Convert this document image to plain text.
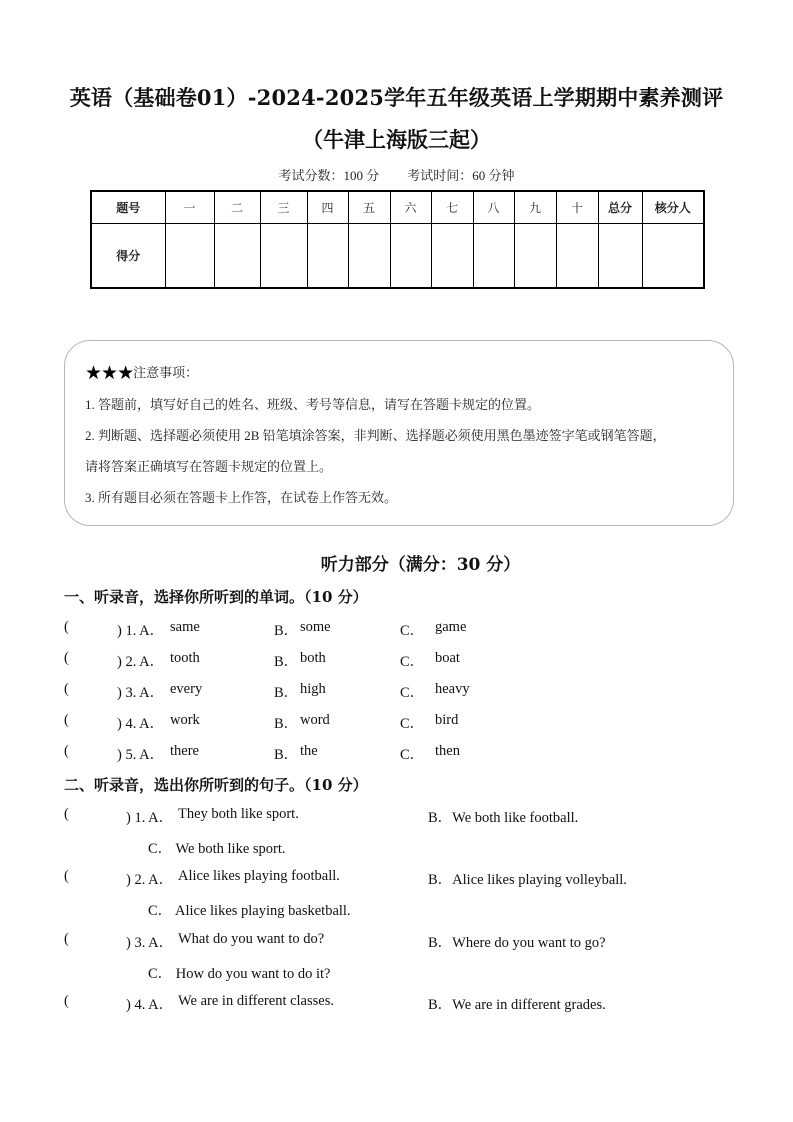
英语（基础卷01）-2024-2025学年五年级英语上学期期中素养测评
（牛津上海版三起）
考试分数：100 分 考试时间：60 分钟
题号	一	二	三	四	五	六	七	八	九	十	总分	核分人
得分												
★★★注意事项：
1. 答题前，填写好自己的姓名、班级、考号等信息，请写在答题卡规定的位置。
2. 判断题、选择题必须使用 2B 铅笔填涂答案，非判断、选择题必须使用黑色墨迹签字笔或钢笔答题，
请将答案正确填写在答题卡规定的位置上。
3. 所有题目必须在答题卡上作答，在试卷上作答无效。
听力部分（满分：30 分）
一、听录音，选择你所听到的单词。（10 分）
(	) 1. A． same	B． some	C． game
(	) 2. A． tooth	B． both	C． boat
(	) 3. A． every	B． high	C． heavy
(	) 4. A． work	B． word	C． bird
(	) 5. A． there	B． the	C． then
二、听录音，选出你所听到的句子。（10 分）
(	) 1. A． They both like sport.	B．We both like football.
C． We both like sport.
(	) 2. A． Alice likes playing football.	B．Alice likes playing volleyball.
C． Alice likes playing basketball.
(	) 3. A． What do you want to do?	B．Where do you want to go?
C． How do you want to do it?
(	) 4. A． We are in different classes.	B．We are in different grades.
